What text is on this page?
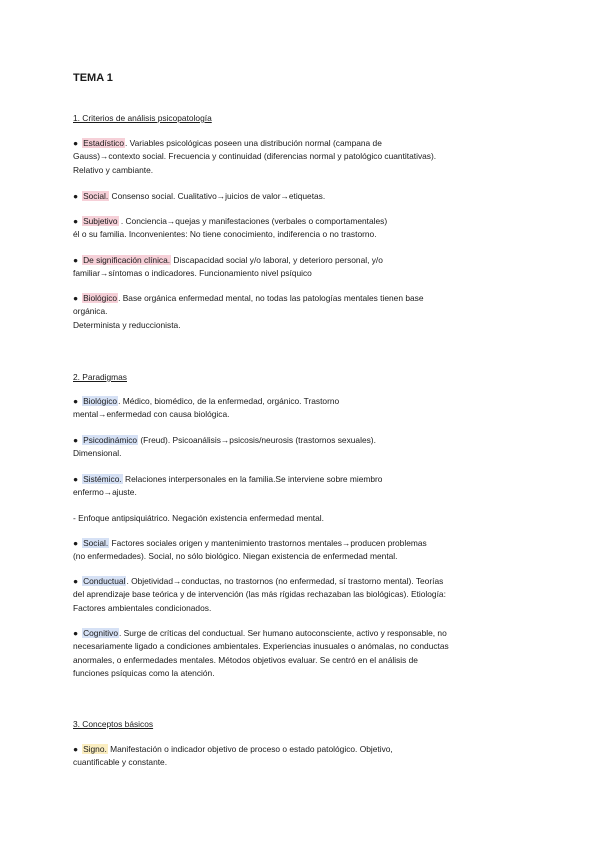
TEMA 1
1. Criterios de análisis psicopatología
● Estadístico. Variables psicológicas poseen una distribución normal (campana de
Gauss)→contexto social. Frecuencia y continuidad (diferencias normal y patológico cuantitativas).
Relativo y cambiante.
● Social. Consenso social. Cualitativo→juicios de valor→etiquetas.
● Subjetivo . Conciencia→quejas y manifestaciones (verbales o comportamentales)
él o su familia. Inconvenientes: No tiene conocimiento, indiferencia o no trastorno.
● De significación clínica. Discapacidad social y/o laboral, y deterioro personal, y/o
familiar→síntomas o indicadores. Funcionamiento nivel psíquico
● Biológico. Base orgánica enfermedad mental, no todas las patologías mentales tienen base
orgánica.
Determinista y reduccionista.
2. Paradigmas
● Biológico. Médico, biomédico, de la enfermedad, orgánico. Trastorno
mental→enfermedad con causa biológica.
● Psicodinámico (Freud). Psicoanálisis→psicosis/neurosis (trastornos sexuales).
Dimensional.
● Sistémico. Relaciones interpersonales en la familia.Se interviene sobre miembro
enfermo→ajuste.
- Enfoque antipsiquiátrico. Negación existencia enfermedad mental.
● Social. Factores sociales origen y mantenimiento trastornos mentales→producen problemas
(no enfermedades). Social, no sólo biológico. Niegan existencia de enfermedad mental.
● Conductual. Objetividad→conductas, no trastornos (no enfermedad, sí trastorno mental). Teorías
del aprendizaje base teórica y de intervención (las más rígidas rechazaban las biológicas). Etiología:
Factores ambientales condicionados.
● Cognitivo. Surge de críticas del conductual. Ser humano autoconsciente, activo y responsable, no
necesariamente ligado a condiciones ambientales. Experiencias inusuales o anómalas, no conductas
anormales, o enfermedades mentales. Métodos objetivos evaluar. Se centró en el análisis de
funciones psíquicas como la atención.
3. Conceptos básicos
● Signo. Manifestación o indicador objetivo de proceso o estado patológico. Objetivo,
cuantificable y constante.
